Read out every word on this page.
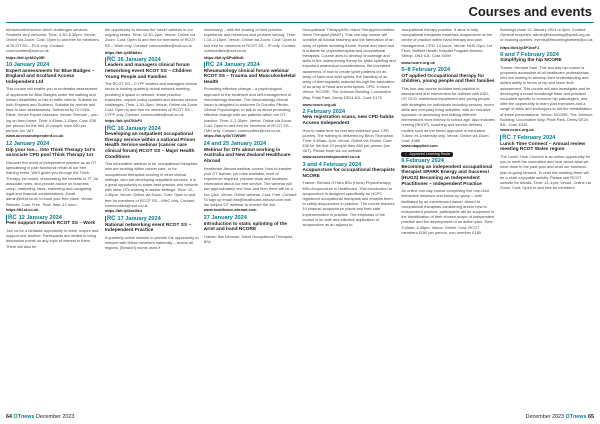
Courses and events

behaviour/behaviour which challenges services. Students very welcome. Time: 4.30–6.30pm. Venue: Online via Zoom. Cost: Open to and free for members of RCOT SS – PLD only. Contact: communities@rcot.co.uk

https://bit.ly/48Oy3fE

10 January 2024
Expert assessments for Blue Badges – England and Scotland Access Independent Ltd
This course will enable you to undertake assessment of applicants for Blue Badges under the walking and hidden disabilities or risk in traffic criteria. Suitable for both England and Scotland. Suitable for remote and face-to-face assessments. Delivered by Dr Chris Elliott, Senior Expert Assessor. Venue: Remote – you log on from home. Time: 9.45am–1.15pm. Cost: £36 per person for the first 10 people, then £60 per person. Inc VAT.
www.accessindependent.co.uk
12 January 2024
Dip your toe… Into Think Therapy 1st’s associate CPD pool Think Therapy 1st
Discover the world of independent practice as an OT specialising in pain functional rehab at our free training event. We’ll guide you through the Think Therapy 1st model, showcasing the benefits of TT 1st associate roles, and provide advice on business setup, marketing, rates, marketing and navigating legal and financial considerations. Email admin@tt1st.co.uk to book your free place. Venue: Remote. Cost: Free. Time: 9am–12 noon.
https://tt1st.co.uk
RC 12 January 2024
Peer support network RCOT SS – Work
Join us for a fantastic opportunity to learn, inspire and support one another. Participants are invited to bring discussion points on any topic of interest to them. There will also be

the opportunity to discuss the ‘latest’ webinar in our ongoing series. Time: 12.30–2pm. Venue: Online via Zoom. Cost: Open to and free for members of RCOT SS – Work only. Contact: communities@rcot.co.uk

https://bit.ly/3ftb84u

RC 16 January 2024
Leaders and managers clinical forum networking event RCOT SS – Children Young People and Families
The RCOT SS – CYPF leaders and managers clinical forum is holding quarterly virtual network meeting, providing a space to network, share practice examples, unpack policy updates and discuss service challenges. Time: 1.30–3pm. Venue: Online via Zoom. Cost: Open to and free for members of RCOT SS – CYPF only. Contact: communities@rcot.co.uk
https://bit.ly/47KbP2
RC 16 January 2024
Developing an outpatient occupational therapy service within a national Prison Health Service webinar (cancer care clinical forum) RCOT SS – Major Health Conditions
This informative webinar is for occupational therapists who are working within cancer care, or for occupational therapists working in other clinical settings, who are developing outpatient services. It is a great opportunity to share best practice and network with other OTs working in similar settings. Time: 12–1.45pm. Venue: Online via Zoom. Cost: Open to and free for members of RCOT SS – MHC only. Contact: communities@rcot.co.uk
https://bit.ly/3zoi5e4
RC 17 January 2024
National networking event RCOT SS – Independent Practice
A quarterly online session to provide the opportunity to network with fellow members nationally – across all regions. [Session] rooms used if

necessary) – with the sharing of best practice, experience and resources and problem solving. Time: 1.15–2.15pm. Venue: Online via Zoom. Cost: Open to and free for members of RCOT SS – IP only. Contact: communities@rcot.co.uk

https://bit.ly/3PutMuD

RC 24 January 2024
Rheumatology clinical forum webinar RCOT SS – Trauma and Musculoskeletal Health
Promoting effective change – a psychological approach to the treatment and self-management of rheumatology disease. The rheumatology clinical forum is delighted to welcome Dr Dorothy Plimbs, Clinical Psychologist, to talk to us about promoting effective change with our patients within our OT practice. Time: 1–1.30pm. Venue: Online via Zoom. Cost: Open to and free for members of RCOT SS – TMH only. Contact: communities@rcot.co.uk
https://bit.ly/3vT2WWR
24 and 25 January 2024
Webinar for OTs about working in Australia and New Zealand Healthcare Abroad
Healthcare Abroad webinar covers: How to transfer your OT license, job roles available, level of experience required, popular visas and locations, information about our free service. The webinar will last approximately one hour and then there will be a live Q&A. Venue: Online webinar. Cost: Free. Contact: To sign up email info@healthcare-abroad.com with the subject OT webinar to receive the link.
www.healthcare-abroad.com
27 January 2024
Introduction to static splinting of the wrist and hand NCORE
Trainer: Bia Denman, Hand Occupational Therapist, BSc

Occupational Therapy/MSc Hand Therapy/Accredited Hand Therapist (BAHT). This one-day course will combine all tutorial teaching and the fabrication of an array of splints including thumb, thumb and hand and is suitable for physiotherapists and occupational therapists. Course aims to develop knowledge and skills in the underpinning theory for static splinting and important anatomical considerations, the increased awareness of how to create splint patterns for an array of hand and wrist splints, the handling of an array of thermoplastic material through the fabrication of an array of hand and wrist splints. CPD: 6 hours. Venue: NCORE, The Johnson Building, Locomotive Way, Pride Park, Derby DE24 8JL. Cost: £175

www.ncore.org.uk

2 February 2024
New registration scans, new CPD habits Access Independent
How to make time for rest and evidence your CPD journey. The training is delivered by Beon Thompson. Time: 9.45am–1pm. Venue: Online via Teams. Cost: £36 for the first 10 people then £60 per person (inc VAT). Please book via our website.
www.accessindependent.co.uk
3 and 4 February 2024
Acupuncture for occupational therapists NCORE
Trainer: Richard O’Hara BSc (Hons) Physiotherapy, MSc Acupuncture in Healthcare. This introduction to acupuncture is designed specifically for HCPC registered occupational therapists and enables them to safely acupuncture in practice. The course teaches 10 channel acupuncture points and their safe implementation in practice. The emphasis of the course is on safe and effective application of acupuncture as an adjunct to

occupational therapy practice. It aims to help occupational therapists maximise acupuncture at the centre of practice within hand therapy and pain management. CPD: 14 hours. Venue: NHS Gym, 1st Floor, Nuffield Health Hospital Fragrant Avenue, Stitrop, DN4 6JL. Cost: £699

www.ncore.org.uk

5–8 February 2024
OT applied Occupational therapy for children, young people and their families
This four-day course includes best practice in assessment and intervention for children with ASD, CP, DCD, intellectual impairment and young people, with strategies for individuals including sensory, motor skills and everyday living activities, with an inclusive approach to accessing and trialling different interventions from infancy to school age. Also includes nursing (NHOP), coaching and service delivery models such as the tiered approach in education. Tutors: ex-University only. Venue: Online via Zoom. Cost: £465
www.otapplied.com
✓ Approved Learning Route
6 February 2024
Becoming an independent occupational therapist SPARK Energy and Success! (HUGS) Becoming an Independent Practitioner – Independent Practice
An online one-day course comprising five one-hour interactive sessions and follow-up group – both facilitated by an experienced trainer. Aimed at occupational therapists considering and/or new to independent practice, participants will be supported in the identification of their chosen scope of independent practice and the development of an action plan. Time: 9.45am–4.45pm. Venue: Online. Cost: RCOT members £150 per person, non-member £180.

Bookings close 22 January 2024 or 5pm. Contact: General enquiries: admin@becoming@spark.org.uk or booking queries: events@becomingthebest@co.uk

https://bit.ly/3P1ksFJ

6 and 7 February 2024
Simplifying the hip NCORE
Trainer: Hemant Sam. This two-day hip course is purposely accessible at all healthcare professionals who are looking to develop their understanding and skilled ability in terms of hip and lower limb assessment. This course will also investigate and be developing a broad knowledge base and practical education specific to common hip pathologies, and offer the opportunity to learn joint exercises and a range of skills and techniques to aid the rehabilitation of these presentations. Venue: NCORE, The Johnson Building, Locomotive Way, Pride Park, Derby DE24 8JL. Cost: £345
www.ncore.org.uk
RC 7 February 2024
Lunch Time Connect – Annual review meeting RCOT Wales region
The Lunch Time Connect is an online opportunity for you to meet the committee and hear about what we have done in the past year and what our business plan is going forward. To read the meeting there will be a short enjoyable activity. Please see RCOT website for details. Time: 12–1pm. Venue: Online via Zoom. Cost: Open to and free for members
64 OTnews December 2023	December 2023 OTnews 65
